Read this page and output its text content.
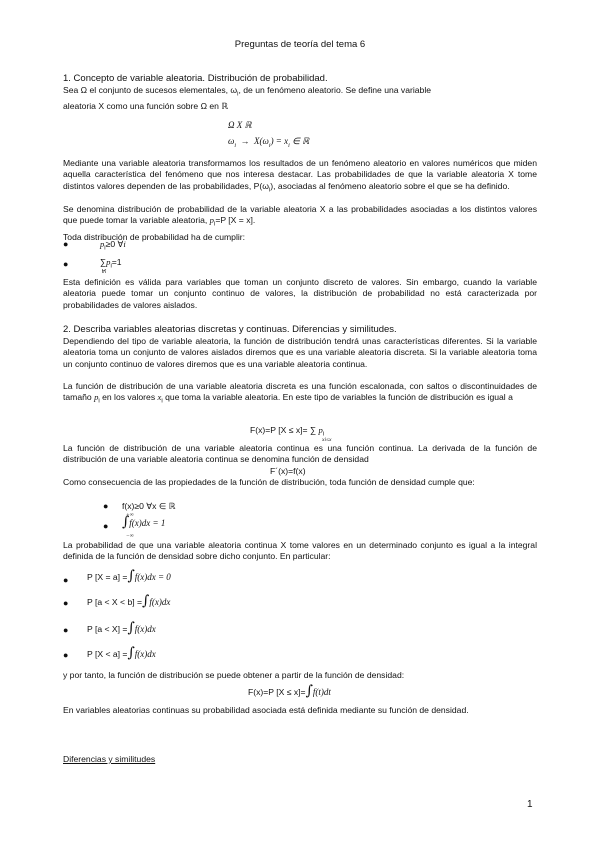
Preguntas de teoría del tema 6
1. Concepto de variable aleatoria. Distribución de probabilidad.
Sea Ω el conjunto de sucesos elementales, $\omega_i$, de un fenómeno aleatorio. Se define una variable
aleatoria X como una función sobre Ω en ℝ
Ω X ℝ
$\omega_i \to X(\omega_i) = x_i$ ∈ ℝ
Mediante una variable aleatoria transformamos los resultados de un fenómeno aleatorio en valores numéricos que miden aquella característica del fenómeno que nos interesa destacar. Las probabilidades de que la variable aleatoria X tome distintos valores dependen de las probabilidades, $P(\omega_i)$, asociadas al fenómeno aleatorio sobre el que se ha definido.
Se denomina distribución de probabilidad de la variable aleatoria X a las probabilidades asociadas a los distintos valores que puede tomar la variable aleatoria, $p_i=P$ [X = x].
Toda distribución de probabilidad ha de cumplir:
●	$p_i\ge 0$ ∀i
●	$\sum p_i=1$
∀i
Esta definición es válida para variables que toman un conjunto discreto de valores. Sin embargo, cuando la variable aleatoria puede tomar un conjunto continuo de valores, la distribución de probabilidad no está caracterizada por probabilidades de valores aislados.
2. Describa variables aleatorias discretas y continuas. Diferencias y similitudes.
Dependiendo del tipo de variable aleatoria, la función de distribución tendrá unas características diferentes. Si la variable aleatoria toma un conjunto de valores aislados diremos que es una variable aleatoria discreta. Si la variable aleatoria toma un conjunto continuo de valores diremos que es una variable aleatoria continua.
La función de distribución de una variable aleatoria discreta es una función escalonada, con saltos o discontinuidades de tamaño $p_i$ en los valores $x_i$ que toma la variable aleatoria. En este tipo de variables la función de distribución es igual a
F(x)=P [X ≤ x]= ∑ $p_i$
xi≤x
La función de distribución de una variable aleatoria continua es una función continua. La derivada de la función de distribución de una variable aleatoria continua se denomina función de densidad
F´(x)=f(x)
Como consecuencia de las propiedades de la función de distribución, toda función de densidad cumple que:
● f(x)≥0 ∀x ∈ ℝ
● ∫f(x)dx = 1
+∞
−∞
La probabilidad de que una variable aleatoria continua X tome valores en un determinado conjunto es igual a la integral definida de la función de densidad sobre dicho conjunto. En particular:
● P [X = a] =∫f(x)dx = 0
● P [a < X < b] =∫f(x)dx
● P [a < X] =∫f(x)dx
● P [X < a] =∫f(x)dx
y por tanto, la función de distribución se puede obtener a partir de la función de densidad:
F(x)=P [X ≤ x]=∫f(t)dt
En variables aleatorias continuas su probabilidad asociada está definida mediante su función de densidad.
Diferencias y similitudes
1
